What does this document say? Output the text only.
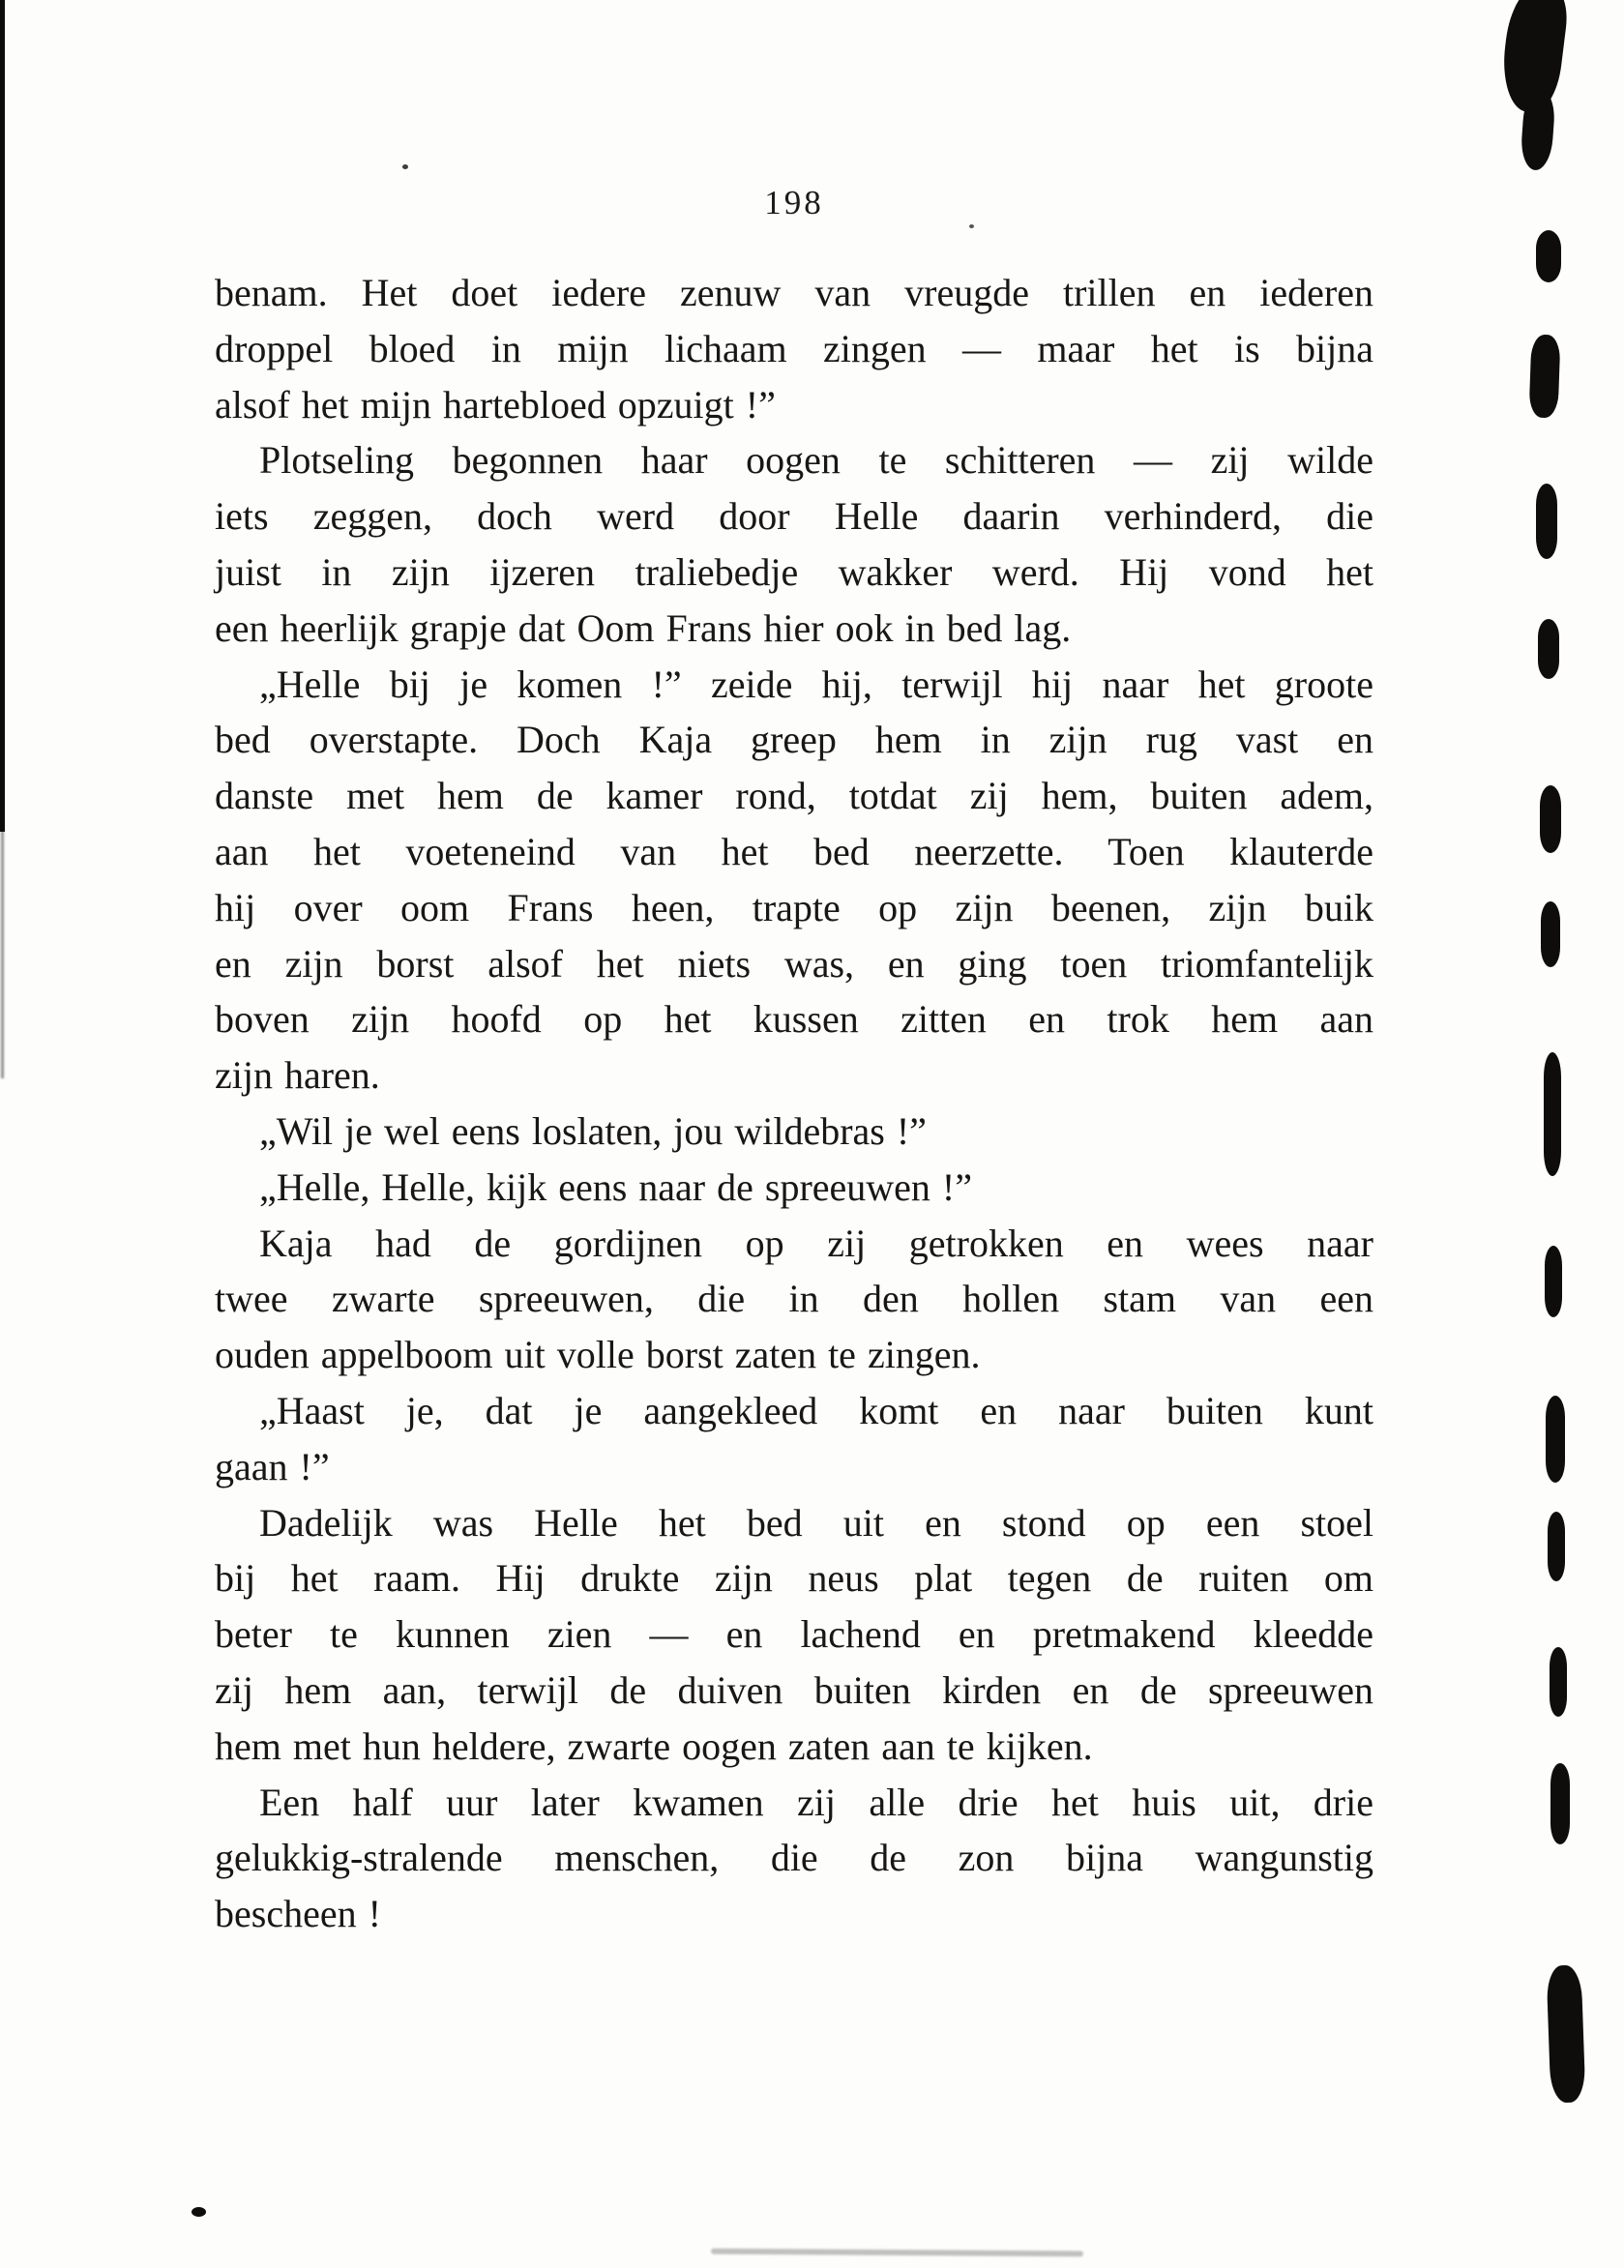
198
benam. Het doet iedere zenuw van vreugde trillen en iederen
droppel bloed in mijn lichaam zingen — maar het is bijna
alsof het mijn hartebloed opzuigt !”
Plotseling begonnen haar oogen te schitteren — zij wilde
iets zeggen, doch werd door Helle daarin verhinderd, die
juist in zijn ijzeren traliebedje wakker werd. Hij vond het
een heerlijk grapje dat Oom Frans hier ook in bed lag.
„Helle bij je komen !” zeide hij, terwijl hij naar het groote
bed overstapte. Doch Kaja greep hem in zijn rug vast en
danste met hem de kamer rond, totdat zij hem, buiten adem,
aan het voeteneind van het bed neerzette. Toen klauterde
hij over oom Frans heen, trapte op zijn beenen, zijn buik
en zijn borst alsof het niets was, en ging toen triomfantelijk
boven zijn hoofd op het kussen zitten en trok hem aan
zijn haren.
„Wil je wel eens loslaten, jou wildebras !”
„Helle, Helle, kijk eens naar de spreeuwen !”
Kaja had de gordijnen op zij getrokken en wees naar
twee zwarte spreeuwen, die in den hollen stam van een
ouden appelboom uit volle borst zaten te zingen.
„Haast je, dat je aangekleed komt en naar buiten kunt
gaan !”
Dadelijk was Helle het bed uit en stond op een stoel
bij het raam. Hij drukte zijn neus plat tegen de ruiten om
beter te kunnen zien — en lachend en pretmakend kleedde
zij hem aan, terwijl de duiven buiten kirden en de spreeuwen
hem met hun heldere, zwarte oogen zaten aan te kijken.
Een half uur later kwamen zij alle drie het huis uit, drie
gelukkig-stralende menschen, die de zon bijna wangunstig
bescheen !
